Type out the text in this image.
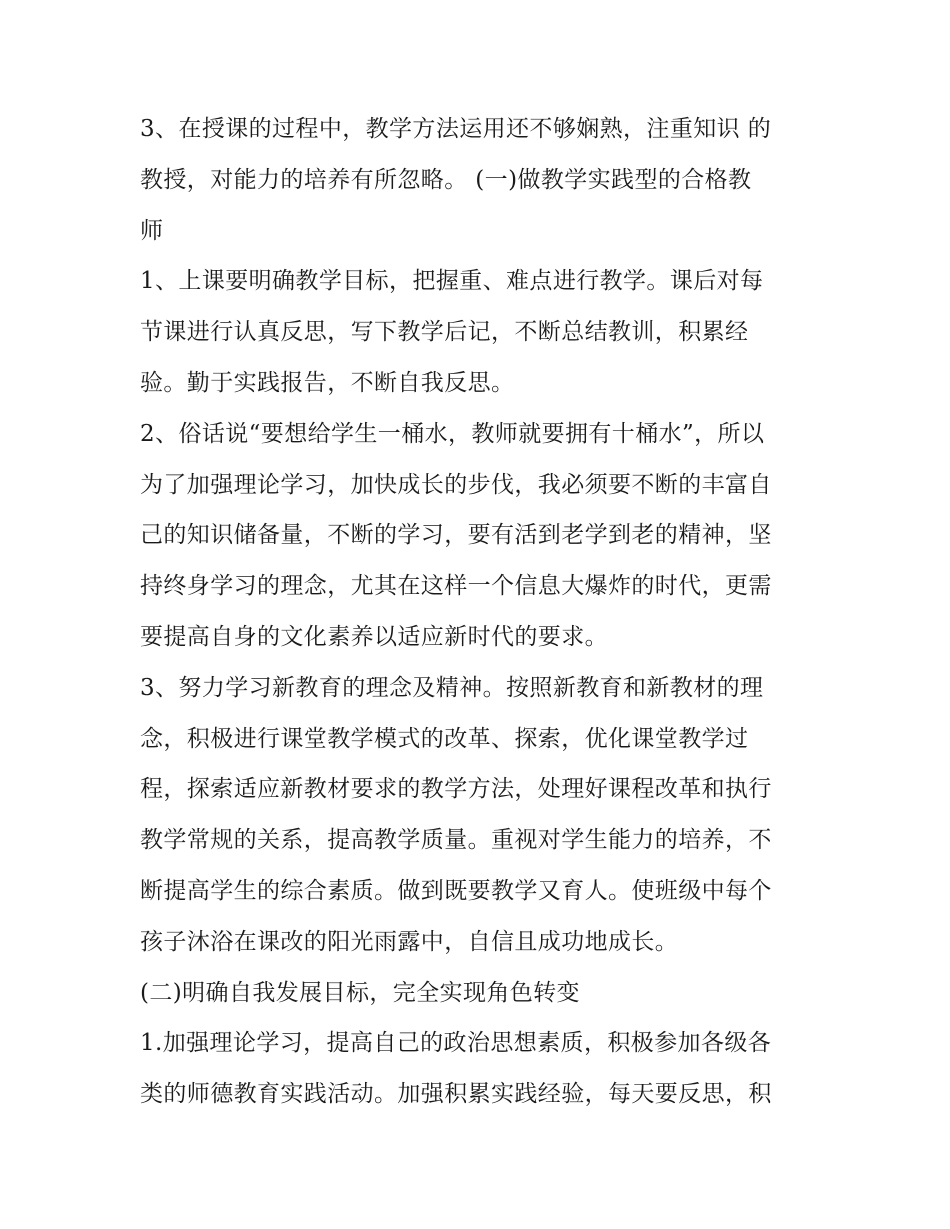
3、在授课的过程中，教学方法运用还不够娴熟，注重知识 的
教授，对能力的培养有所忽略。 (一)做教学实践型的合格教
师
1、上课要明确教学目标，把握重、难点进行教学。课后对每
节课进行认真反思，写下教学后记，不断总结教训，积累经
验。勤于实践报告，不断自我反思。
2、俗话说“要想给学生一桶水，教师就要拥有十桶水”，所以
为了加强理论学习，加快成长的步伐，我必须要不断的丰富自
己的知识储备量，不断的学习，要有活到老学到老的精神，坚
持终身学习的理念，尤其在这样一个信息大爆炸的时代，更需
要提高自身的文化素养以适应新时代的要求。
3、努力学习新教育的理念及精神。按照新教育和新教材的理
念，积极进行课堂教学模式的改革、探索，优化课堂教学过
程，探索适应新教材要求的教学方法，处理好课程改革和执行
教学常规的关系，提高教学质量。重视对学生能力的培养，不
断提高学生的综合素质。做到既要教学又育人。使班级中每个
孩子沐浴在课改的阳光雨露中，自信且成功地成长。
(二)明确自我发展目标，完全实现角色转变
1.加强理论学习，提高自己的政治思想素质，积极参加各级各
类的师德教育实践活动。加强积累实践经验，每天要反思，积
